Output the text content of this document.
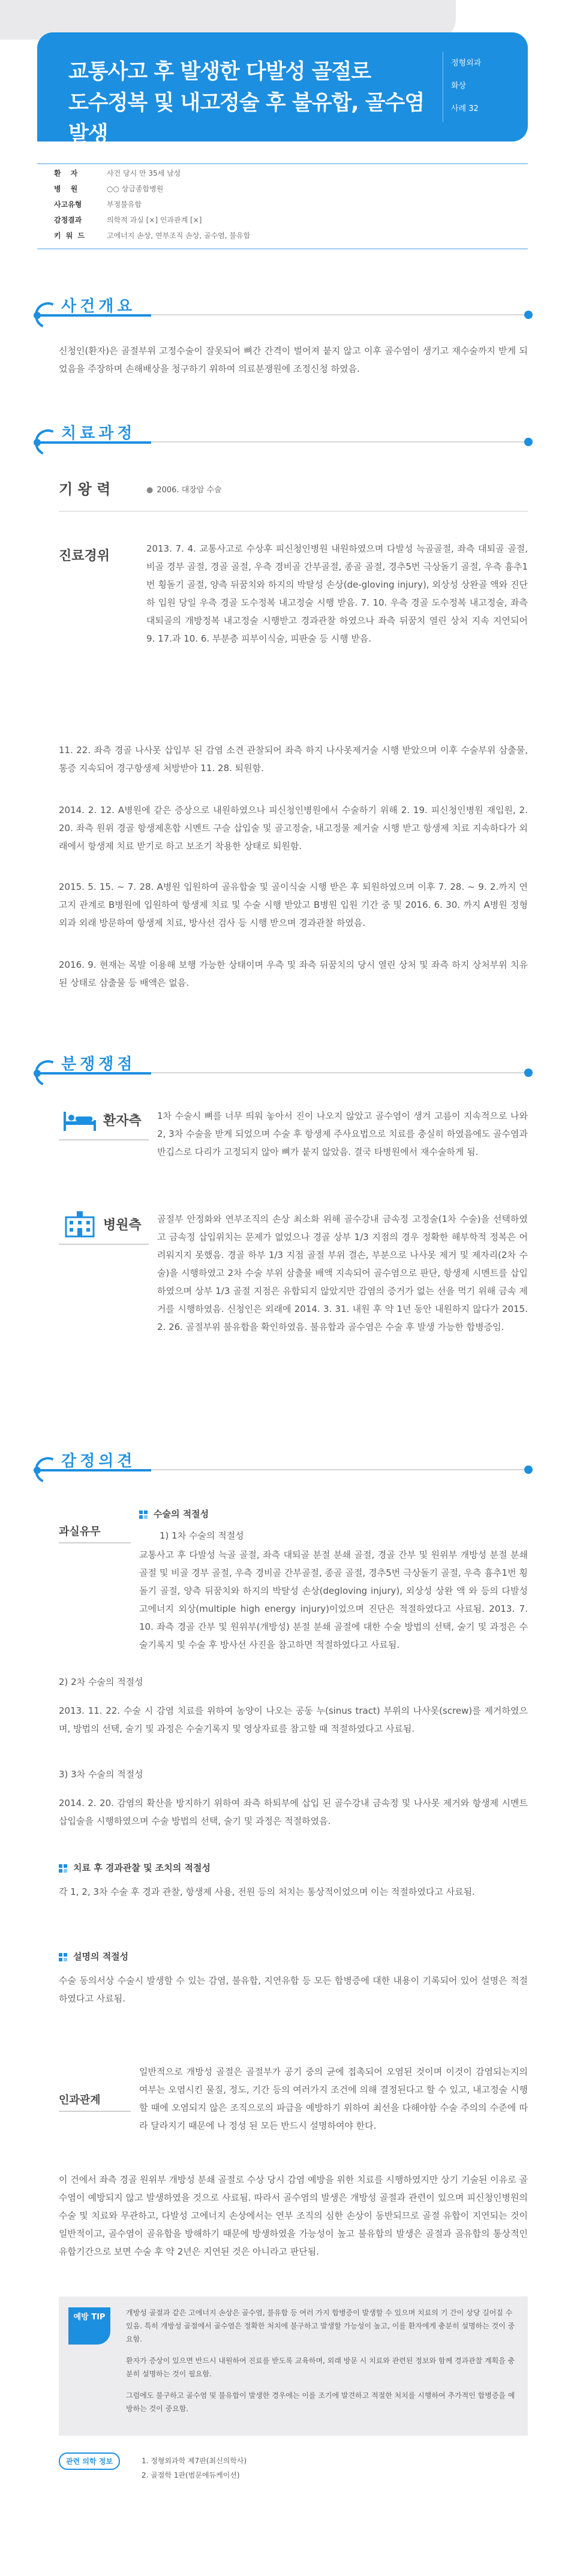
교통사고 후 발생한 다발성 골절로
도수정복 및 내고정술 후 불유합, 골수염 발생
정형외과
화상
사례 32
환 자	사건 당시 만 35세 남성
병 원	○○ 상급종합병원
사고유형	부정불유합
감정결과	의학적 과실 [×] 인과관계 [×]
키 워 드	고에너지 손상, 연부조직 손상, 골수염, 불유합
사건개요
신청인(환자)은 골절부위 고정수술이 잘못되어 뼈간 간격이 벌어져 붙지 않고 이후 골수염이 생기고 재수술까지 받게 되었음을 주장하며 손해배상을 청구하기 위하여 의료분쟁원에 조정신청 하였음.
치료과정
기 왕 력	● 2006. 대장암 수술
진료경위	2013. 7. 4. 교통사고로 수상후 피신청인병원 내원하였으며 다발성 늑골골절, 좌측 대퇴골 골절, 비골 경부 골절, 경골 골절, 우측 경비골 간부골절, 종골 골절, 경추5번 극상돌기 골절, 우측 흉추1번 횡돌기 골절, 양측 뒤꿈치와 하지의 박탈성 손상(de-gloving injury), 외상성 상완골 액와 진단하 입원 당일 우측 경골 도수정복 내고정술 시행 받음. 7. 10. 우측 경골 도수정복 내고정술, 좌측 대퇴골의 개방정복 내고정술 시행받고 경과관찰 하였으나 좌측 뒤꿈치 열린 상처 지속 지연되어 9. 17.과 10. 6. 부분층 피부이식술, 피판술 등 시행 받음.
11. 22. 좌측 경골 나사못 삽입부 된 감염 소견 관찰되어 좌측 하지 나사못제거술 시행 받았으며 이후 수술부위 삼출물, 통증 지속되어 경구항생제 처방받아 11. 28. 퇴원함.
2014. 2. 12. A병원에 같은 증상으로 내원하였으나 피신청인병원에서 수술하기 위해 2. 19. 피신청인병원 재입원, 2. 20. 좌측 원위 경골 항생제혼합 시멘트 구슬 삽입술 및 골고정술, 내고정물 제거술 시행 받고 항생제 치료 지속하다가 외래에서 항생제 치료 받기로 하고 보조기 착용한 상태로 퇴원함.
2015. 5. 15. ~ 7. 28. A병원 입원하여 골유합술 및 골이식술 시행 받은 후 퇴원하였으며 이후 7. 28. ~ 9. 2.까지 연고지 관계로 B병원에 입원하여 항생제 치료 및 수술 시행 받았고 B병원 입원 기간 중 및 2016. 6. 30. 까지 A병원 정형외과 외래 방문하여 항생제 치료, 방사선 검사 등 시행 받으며 경과관찰 하였음.
2016. 9. 현재는 목발 이용해 보행 가능한 상태이며 우측 및 좌측 뒤꿈치의 당시 열린 상처 및 좌측 하지 상처부위 치유된 상태로 삼출물 등 배액은 없음.
분쟁쟁점
환자측 1차 수술시 뼈를 너무 띄워 놓아서 진이 나오지 않았고 골수염이 생겨 고름이 지속적으로 나와 2, 3차 수술을 받게 되었으며 수술 후 항생제 주사요법으로 치료를 충실히 하였음에도 골수염과 반깁스로 다리가 고정되지 않아 뼈가 붙지 않았음. 결국 타병원에서 재수술하게 됨.
병원측 골절부 안정화와 연부조직의 손상 최소화 위해 골수강내 금속정 고정술(1차 수술)을 선택하였고 금속정 삽입위치는 문제가 없었으나 경골 상부 1/3 지점의 경우 정확한 해부학적 정복은 어려워지지 못했음. 경골 하부 1/3 지점 골절 부위 결손, 부분으로 나사못 제거 및 제자리(2차 수술)을 시행하였고 2차 수술 부위 삼출물 배액 지속되어 골수염으로 판단, 항생제 시멘트를 삽입하였으며 상부 1/3 골절 지점은 유합되지 않았지만 감염의 증거가 없는 선을 먹기 위해 금속 제거를 시행하였음. 신청인은 외래에 2014. 3. 31. 내원 후 약 1년 동안 내원하지 않다가 2015. 2. 26. 골절부위 불유합을 확인하였음. 불유합과 골수염은 수술 후 발생 가능한 합병증임.
감정의견
과실유무
수술의 적절성
1) 1차 수술의 적절성
교통사고 후 다발성 늑골 골절, 좌측 대퇴골 분절 분쇄 골절, 경골 간부 및 원위부 개방성 분절 분쇄 골절 및 비골 경부 골절, 우측 경비골 간부골절, 종골 골절, 경추5번 극상돌기 골절, 우측 흉추1번 횡돌기 골절, 양측 뒤꿈치와 하지의 박탈성 손상(degloving injury), 외상성 상완 액 와 등의 다발성 고에너지 외상(multiple high energy injury)이었으며 진단은 적절하였다고 사료됨. 2013. 7. 10. 좌측 경골 간부 및 원위부(개방성) 분절 분쇄 골절에 대한 수술 방법의 선택, 술기 및 과정은 수술기록지 및 수술 후 방사선 사진을 참고하면 적절하였다고 사료됨.
2) 2차 수술의 적절성
2013. 11. 22. 수술 시 감염 치료를 위하여 농양이 나오는 공동 누(sinus tract) 부위의 나사못(screw)를 제거하였으며, 방법의 선택, 술기 및 과정은 수술기록지 및 영상자료를 참고할 때 적절하였다고 사료됨.
3) 3차 수술의 적절성
2014. 2. 20. 감염의 확산을 방지하기 위하여 좌측 하퇴부에 삽입 된 골수강내 금속정 및 나사못 제거와 항생제 시멘트 삽입술을 시행하였으며 수술 방법의 선택, 술기 및 과정은 적절하였음.
치료 후 경과관찰 및 조치의 적절성
각 1, 2, 3차 수술 후 경과 관찰, 항생제 사용, 전원 등의 처치는 통상적이었으며 이는 적절하였다고 사료됨.
설명의 적절성
수술 동의서상 수술시 발생할 수 있는 감염, 불유합, 지연유합 등 모든 합병증에 대한 내용이 기록되어 있어 설명은 적절하였다고 사료됨.
인과관계
일반적으로 개방성 골절은 골절부가 공기 중의 균에 접촉되어 오염된 것이며 이것이 감염되는지의 여부는 오염시킨 물질, 정도, 기간 등의 여러가지 조건에 의해 결정된다고 할 수 있고, 내고정술 시행할 때에 오염되지 않은 조직으로의 파급을 예방하기 위하여 최선을 다해야함 수술 주의의 수준에 따라 달라지기 때문에 나 정성 된 모든 반드시 설명하여야 한다.
이 건에서 좌측 경골 원위부 개방성 분쇄 골절로 수상 당시 감염 예방을 위한 치료를 시행하였지만 상기 기술된 이유로 골수염이 예방되지 않고 발생하였을 것으로 사료됨. 따라서 골수염의 발생은 개방성 골절과 관련이 있으며 피신청인병원의 수술 및 치료와 무관하고, 다발성 고에너지 손상에서는 연부 조직의 심한 손상이 동반되므로 골절 유합이 지연되는 것이 일반적이고, 골수염이 골유합을 방해하기 때문에 방생하였을 가능성이 높고 불유합의 발생은 골절과 골유합의 통상적인 유합기간으로 보면 수술 후 약 2년은 지연된 것은 아니라고 판단됨.
예방 TIP	개방성 골절과 같은 고에너지 손상은 골수염, 불유합 등 여러 가지 합병증이 발생할 수 있으며 치료의 기 간이 상당 길어질 수 있음. 특히 개방성 골절에서 골수염은 정확한 처치에 불구하고 발생할 가능성이 높고, 이를 환자에게 충분히 설명하는 것이 중요함.
환자가 증상이 있으면 반드시 내원하여 진료를 받도록 교육하며, 외래 방문 시 치료와 관련된 정보와 함께 경과관찰 계획을 충분히 설명하는 것이 필요함.
그럼에도 불구하고 골수염 및 불유합이 발생한 경우에는 이를 조기에 발견하고 적절한 처치를 시행하여 추가적인 합병증을 예방하는 것이 중요함.
관련 의학 정보	1. 정형외과학 제7판(최신의학사)
2. 골절학 1판(범문에듀케이션)
